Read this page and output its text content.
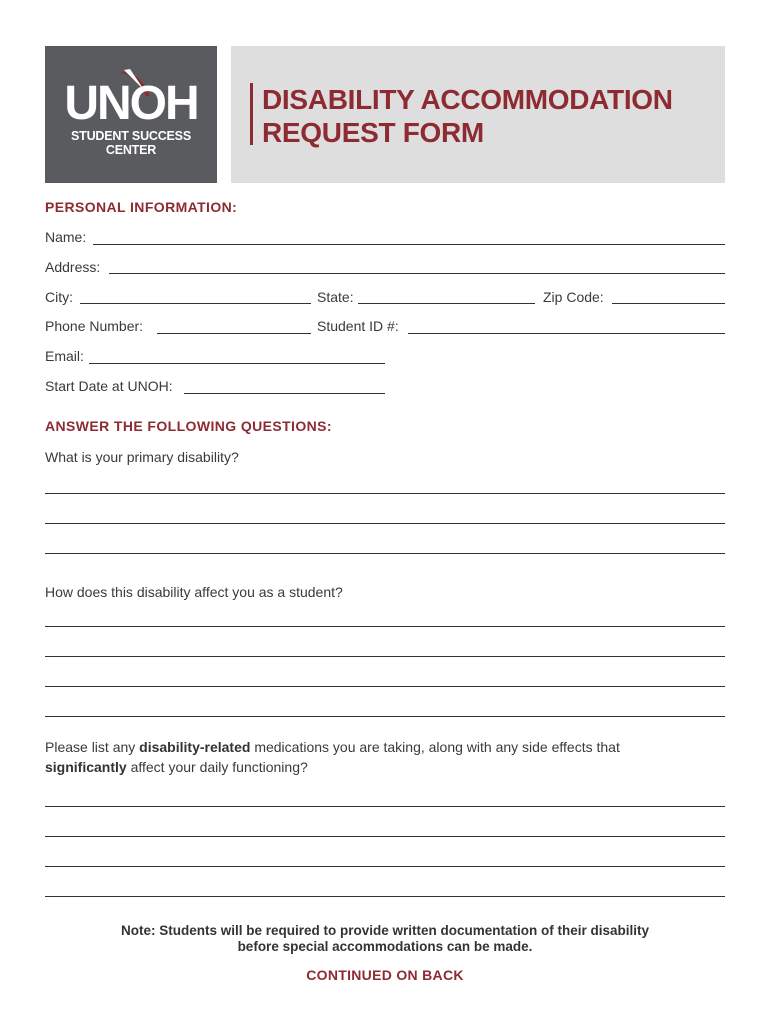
UNOH
STUDENT SUCCESS CENTER
DISABILITY ACCOMMODATION
REQUEST FORM
PERSONAL INFORMATION:
Name:
Address:
City:	State:	Zip Code:
Phone Number:	Student ID #:
Email:
Start Date at UNOH:
ANSWER THE FOLLOWING QUESTIONS:
What is your primary disability?
How does this disability affect you as a student?
Please list any disability-related medications you are taking, along with any side effects that
significantly affect your daily functioning?
Note: Students will be required to provide written documentation of their disability
before special accommodations can be made.
CONTINUED ON BACK
